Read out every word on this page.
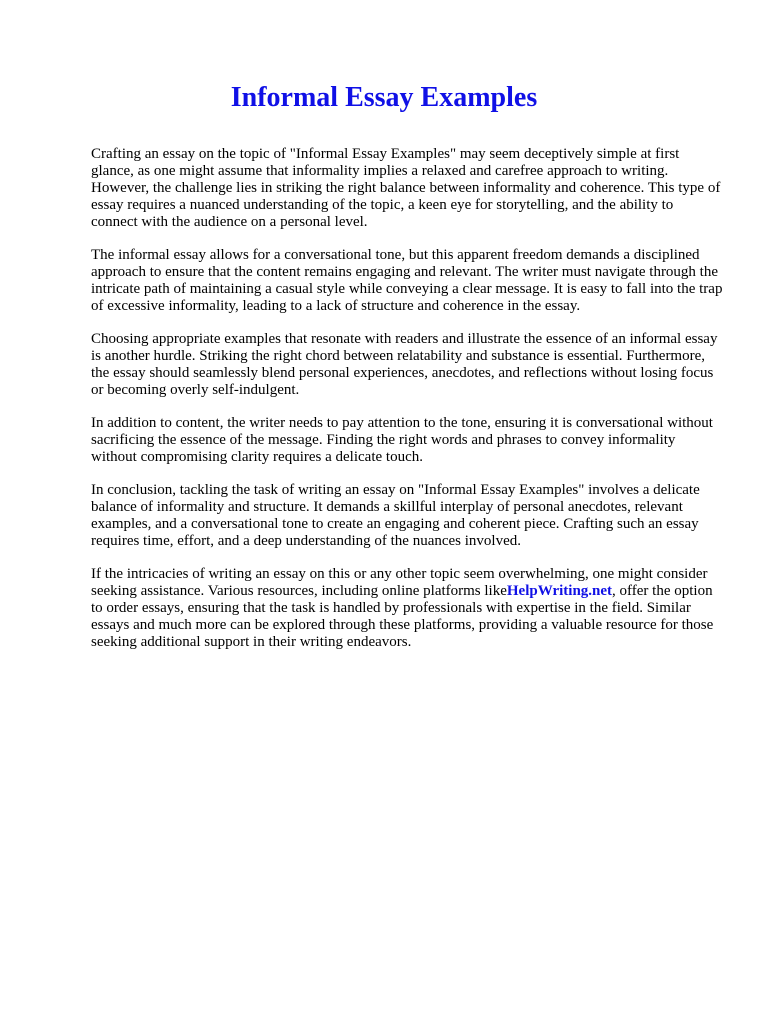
Informal Essay Examples

Crafting an essay on the topic of "Informal Essay Examples" may seem deceptively simple at first glance, as one might assume that informality implies a relaxed and carefree approach to writing. However, the challenge lies in striking the right balance between informality and coherence. This type of essay requires a nuanced understanding of the topic, a keen eye for storytelling, and the ability to connect with the audience on a personal level.

The informal essay allows for a conversational tone, but this apparent freedom demands a disciplined approach to ensure that the content remains engaging and relevant. The writer must navigate through the intricate path of maintaining a casual style while conveying a clear message. It is easy to fall into the trap of excessive informality, leading to a lack of structure and coherence in the essay.

Choosing appropriate examples that resonate with readers and illustrate the essence of an informal essay is another hurdle. Striking the right chord between relatability and substance is essential. Furthermore, the essay should seamlessly blend personal experiences, anecdotes, and reflections without losing focus or becoming overly self-indulgent.

In addition to content, the writer needs to pay attention to the tone, ensuring it is conversational without sacrificing the essence of the message. Finding the right words and phrases to convey informality without compromising clarity requires a delicate touch.

In conclusion, tackling the task of writing an essay on "Informal Essay Examples" involves a delicate balance of informality and structure. It demands a skillful interplay of personal anecdotes, relevant examples, and a conversational tone to create an engaging and coherent piece. Crafting such an essay requires time, effort, and a deep understanding of the nuances involved.

If the intricacies of writing an essay on this or any other topic seem overwhelming, one might consider seeking assistance. Various resources, including online platforms likeHelpWriting.net, offer the option to order essays, ensuring that the task is handled by professionals with expertise in the field. Similar essays and much more can be explored through these platforms, providing a valuable resource for those seeking additional support in their writing endeavors.
